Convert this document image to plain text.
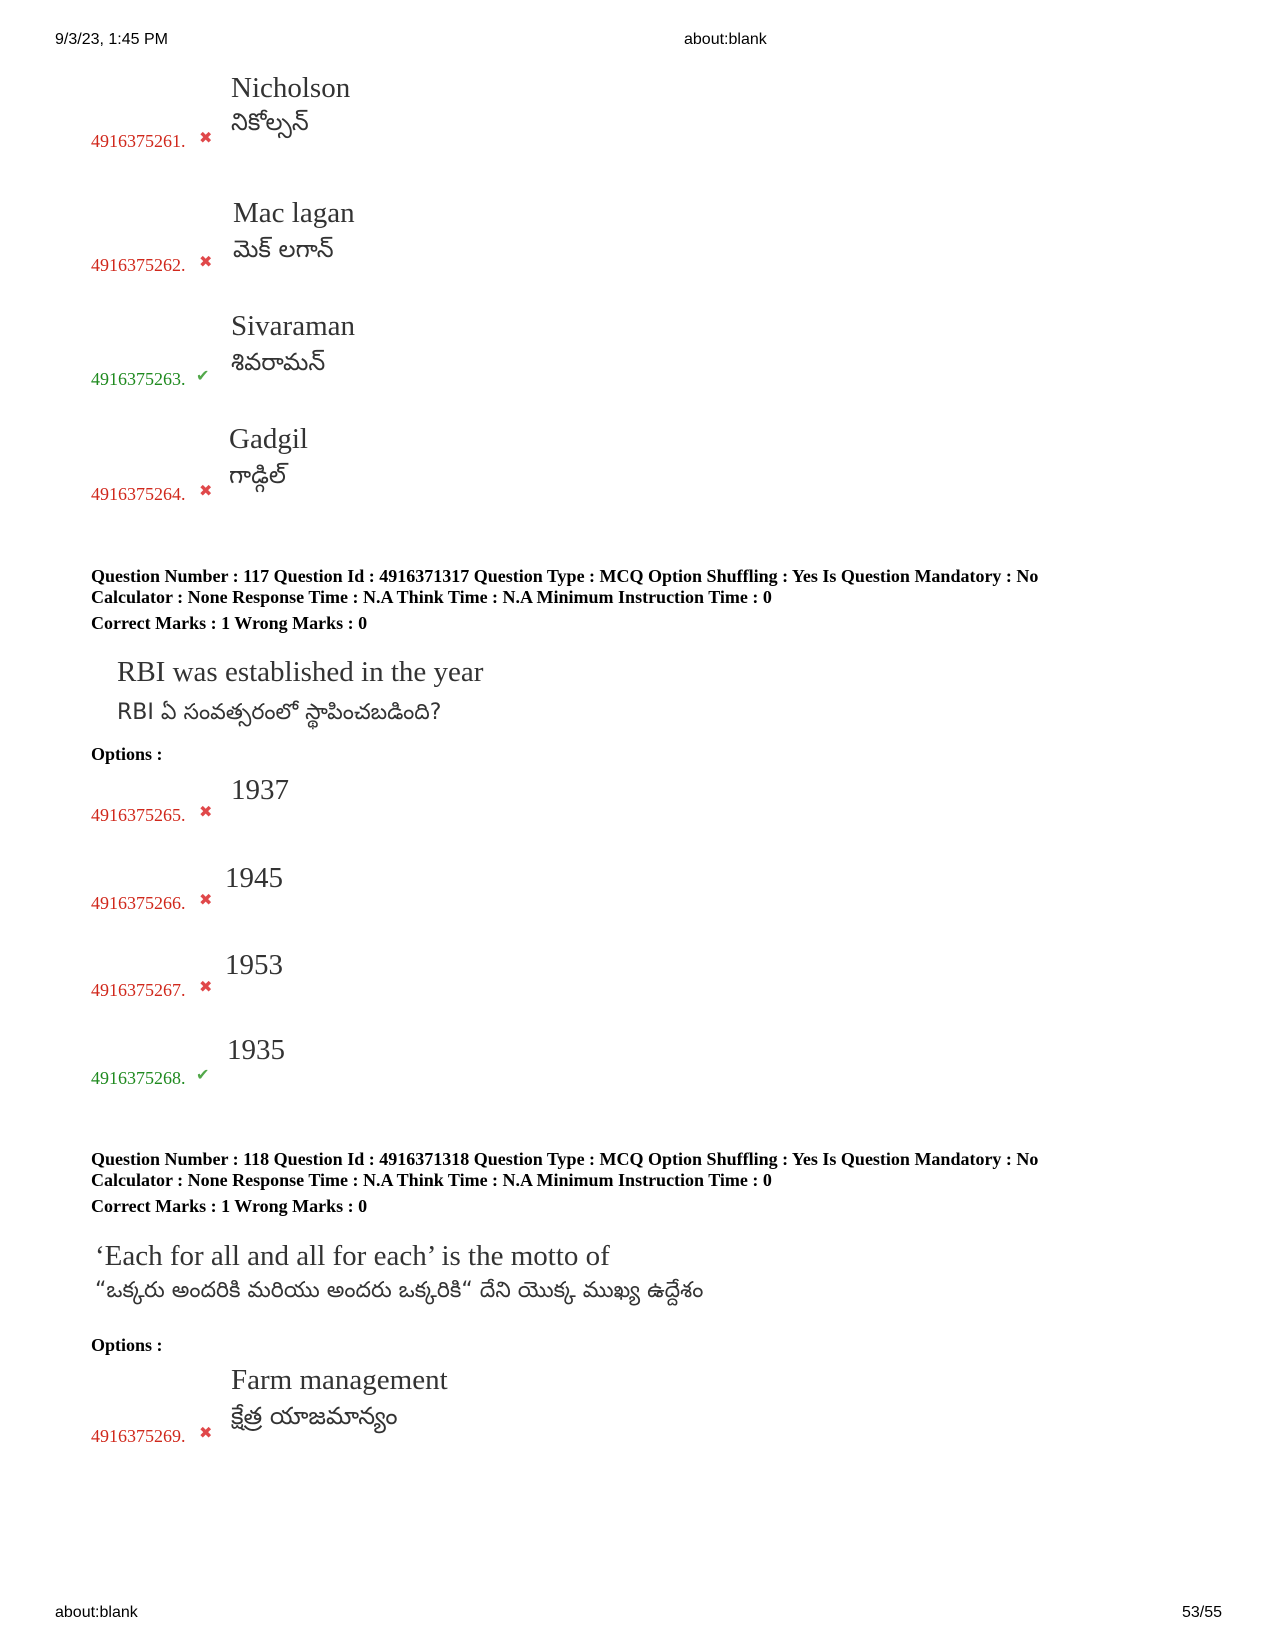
9/3/23, 1:45 PM	about:blank
Nicholson
నికోల్సన్
4916375261. ✖
Mac lagan
మెక్ లగాన్
4916375262. ✖
Sivaraman
శివరామన్
4916375263. ✔
Gadgil
గాడ్గిల్
4916375264. ✖
Question Number : 117 Question Id : 4916371317 Question Type : MCQ Option Shuffling : Yes Is Question Mandatory : No
Calculator : None Response Time : N.A Think Time : N.A Minimum Instruction Time : 0
Correct Marks : 1 Wrong Marks : 0
RBI was established in the year
RBI ఏ సంవత్సరంలో స్థాపించబడింది?
Options :
1937
4916375265. ✖
1945
4916375266. ✖
1953
4916375267. ✖
1935
4916375268. ✔
Question Number : 118 Question Id : 4916371318 Question Type : MCQ Option Shuffling : Yes Is Question Mandatory : No
Calculator : None Response Time : N.A Think Time : N.A Minimum Instruction Time : 0
Correct Marks : 1 Wrong Marks : 0
‘Each for all and all for each’ is the motto of
“ఒక్కరు అందరికి మరియు అందరు ఒక్కరికి“ దేని యొక్క ముఖ్య ఉద్దేశం
Options :
Farm management
క్షేత్ర యాజమాన్యం
4916375269. ✖
about:blank	53/55
